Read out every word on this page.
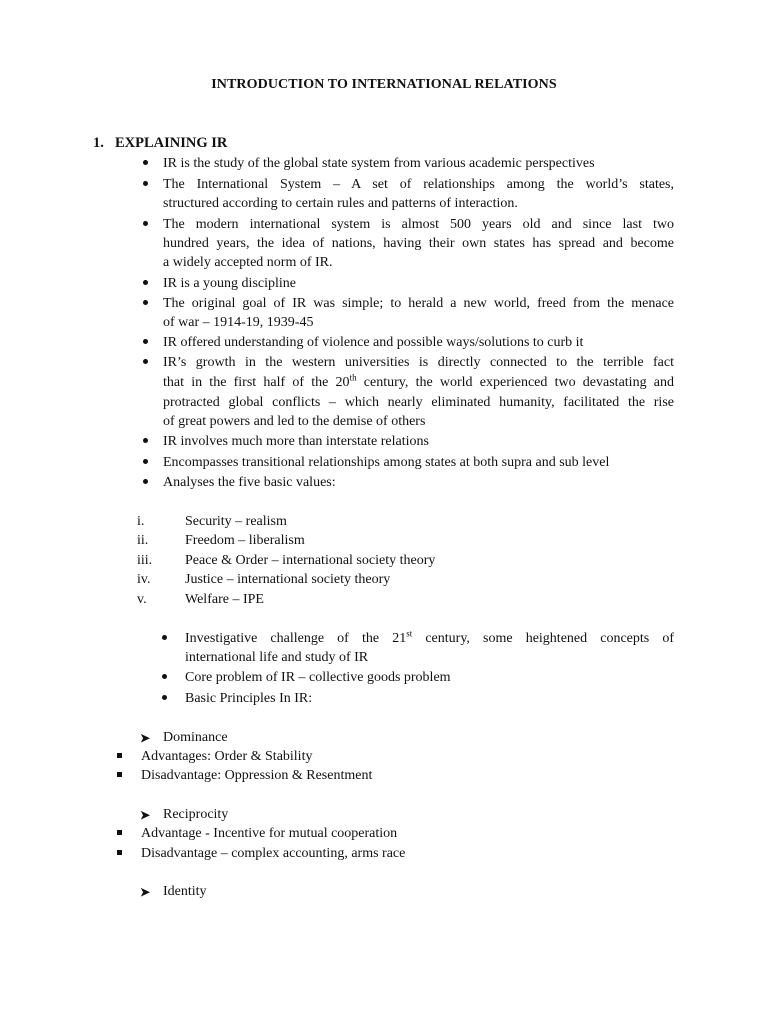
INTRODUCTION TO INTERNATIONAL RELATIONS
1. EXPLAINING IR
IR is the study of the global state system from various academic perspectives
The International System – A set of relationships among the world’s states,
structured according to certain rules and patterns of interaction.
The modern international system is almost 500 years old and since last two
hundred years, the idea of nations, having their own states has spread and become
a widely accepted norm of IR.
IR is a young discipline
The original goal of IR was simple; to herald a new world, freed from the menace
of war – 1914-19, 1939-45
IR offered understanding of violence and possible ways/solutions to curb it
IR’s growth in the western universities is directly connected to the terrible fact
that in the first half of the 20th century, the world experienced two devastating and
protracted global conflicts – which nearly eliminated humanity, facilitated the rise
of great powers and led to the demise of others
IR involves much more than interstate relations
Encompasses transitional relationships among states at both supra and sub level
Analyses the five basic values:
i.	Security – realism
ii.	Freedom – liberalism
iii. Peace & Order – international society theory
iv. Justice – international society theory
v.	Welfare – IPE
Investigative challenge of the 21st century, some heightened concepts of
international life and study of IR
Core problem of IR – collective goods problem
Basic Principles In IR:
➤ Dominance
Advantages: Order & Stability
Disadvantage: Oppression & Resentment
➤ Reciprocity
Advantage - Incentive for mutual cooperation
Disadvantage – complex accounting, arms race
➤ Identity
